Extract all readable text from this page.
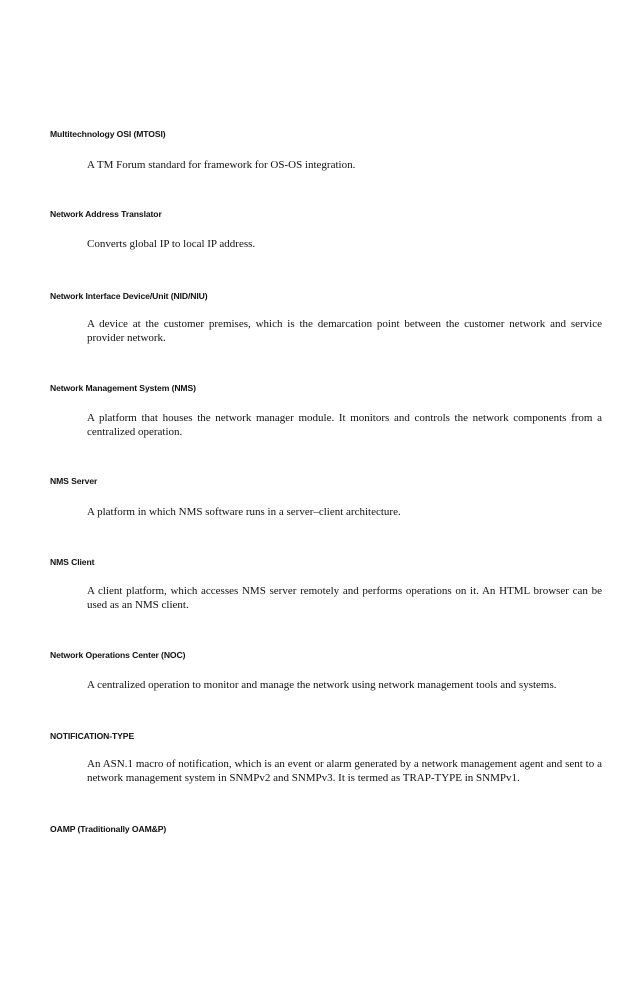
Multitechnology OSI (MTOSI)

A TM Forum standard for framework for OS-OS integration.

Network Address Translator

Converts global IP to local IP address.

Network Interface Device/Unit (NID/NIU)

A device at the customer premises, which is the demarcation point between the customer network and service provider network.

Network Management System (NMS)

A platform that houses the network manager module. It monitors and controls the network components from a centralized operation.

NMS Server

A platform in which NMS software runs in a server–client architecture.

NMS Client

A client platform, which accesses NMS server remotely and performs operations on it. An HTML browser can be used as an NMS client.

Network Operations Center (NOC)

A centralized operation to monitor and manage the network using network management tools and systems.

NOTIFICATION-TYPE

An ASN.1 macro of notification, which is an event or alarm generated by a network management agent and sent to a network management system in SNMPv2 and SNMPv3. It is termed as TRAP-TYPE in SNMPv1.

OAMP (Traditionally OAM&P)
